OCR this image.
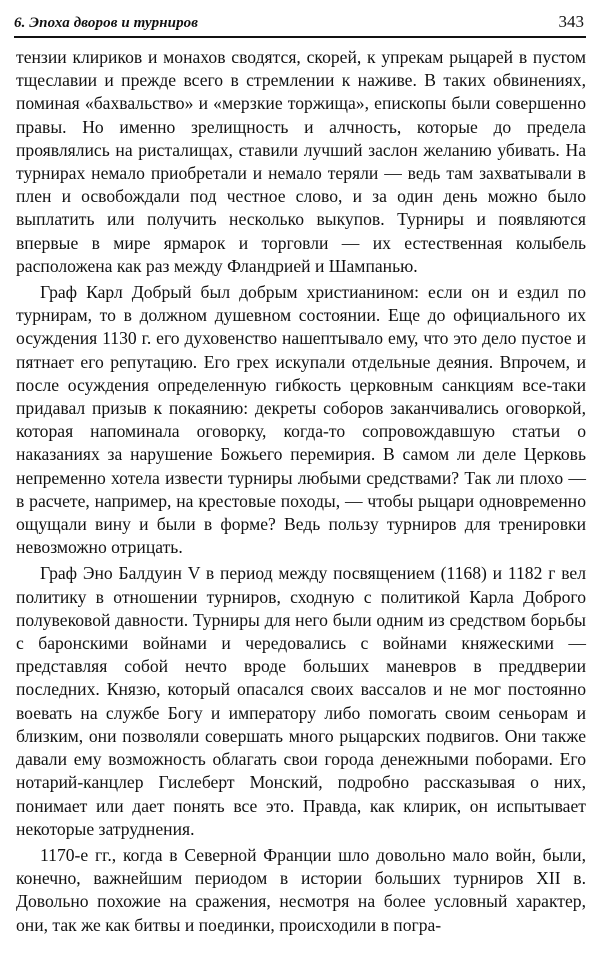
6. Эпоха дворов и турниров	343

тензии клириков и монахов сводятся, скорей, к упрекам рыцарей в пустом тщеславии и прежде всего в стремлении к наживе. В таких обвинениях, поминая «бахвальство» и «мерзкие торжища», епископы были совершенно правы. Но именно зрелищность и алчность, которые до предела проявлялись на ристалищах, ставили лучший заслон желанию убивать. На турнирах немало приобретали и немало теряли — ведь там захватывали в плен и освобождали под честное слово, и за один день можно было выплатить или получить несколько выкупов. Турниры и появляются впервые в мире ярмарок и торговли — их естественная колыбель расположена как раз между Фландрией и Шампанью.

Граф Карл Добрый был добрым христианином: если он и ездил по турнирам, то в должном душевном состоянии. Еще до официального их осуждения 1130 г. его духовенство нашептывало ему, что это дело пустое и пятнает его репутацию. Его грех искупали отдельные деяния. Впрочем, и после осуждения определенную гибкость церковным санкциям все-таки придавал призыв к покаянию: декреты соборов заканчивались оговоркой, которая напоминала оговорку, когда-то сопровождавшую статьи о наказаниях за нарушение Божьего перемирия. В самом ли деле Церковь непременно хотела извести турниры любыми средствами? Так ли плохо — в расчете, например, на крестовые походы, — чтобы рыцари одновременно ощущали вину и были в форме? Ведь пользу турниров для тренировки невозможно отрицать.

Граф Эно Балдуин V в период между посвящением (1168) и 1182 г вел политику в отношении турниров, сходную с политикой Карла Доброго полувековой давности. Турниры для него были одним из средством борьбы с баронскими войнами и чередовались с войнами княжескими — представляя собой нечто вроде больших маневров в преддверии последних. Князю, который опасался своих вассалов и не мог постоянно воевать на службе Богу и императору либо помогать своим сеньорам и близким, они позволяли совершать много рыцарских подвигов. Они также давали ему возможность облагать свои города денежными поборами. Его нотарий-канцлер Гислеберт Монский, подробно рассказывая о них, понимает или дает понять все это. Правда, как клирик, он испытывает некоторые затруднения.

1170-е гг., когда в Северной Франции шло довольно мало войн, были, конечно, важнейшим периодом в истории больших турниров XII в. Довольно похожие на сражения, несмотря на более условный характер, они, так же как битвы и поединки, происходили в погра-
